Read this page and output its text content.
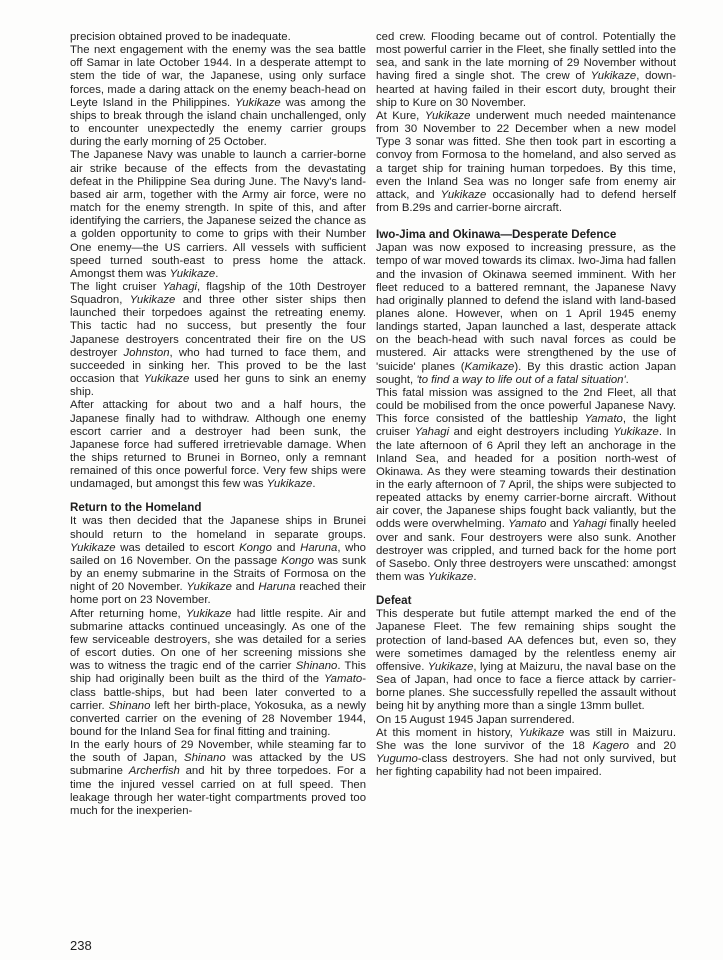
precision obtained proved to be inadequate.

The next engagement with the enemy was the sea battle off Samar in late October 1944. In a desperate attempt to stem the tide of war, the Japanese, using only surface forces, made a daring attack on the enemy beach-head on Leyte Island in the Philippines. Yukikaze was among the ships to break through the island chain unchallenged, only to encounter unexpectedly the enemy carrier groups during the early morning of 25 October.

The Japanese Navy was unable to launch a carrier-borne air strike because of the effects from the devastating defeat in the Philippine Sea during June. The Navy's land-based air arm, together with the Army air force, were no match for the enemy strength. In spite of this, and after identifying the carriers, the Japanese seized the chance as a golden opportunity to come to grips with their Number One enemy—the US carriers. All vessels with sufficient speed turned south-east to press home the attack. Amongst them was Yukikaze.

The light cruiser Yahagi, flagship of the 10th Destroyer Squadron, Yukikaze and three other sister ships then launched their torpedoes against the retreating enemy. This tactic had no success, but presently the four Japanese destroyers concentrated their fire on the US destroyer Johnston, who had turned to face them, and succeeded in sinking her. This proved to be the last occasion that Yukikaze used her guns to sink an enemy ship.

After attacking for about two and a half hours, the Japanese finally had to withdraw. Although one enemy escort carrier and a destroyer had been sunk, the Japanese force had suffered irretrievable damage. When the ships returned to Brunei in Borneo, only a remnant remained of this once powerful force. Very few ships were undamaged, but amongst this few was Yukikaze.

Return to the Homeland

It was then decided that the Japanese ships in Brunei should return to the homeland in separate groups. Yukikaze was detailed to escort Kongo and Haruna, who sailed on 16 November. On the passage Kongo was sunk by an enemy submarine in the Straits of Formosa on the night of 20 November. Yukikaze and Haruna reached their home port on 23 November.

After returning home, Yukikaze had little respite. Air and submarine attacks continued unceasingly. As one of the few serviceable destroyers, she was detailed for a series of escort duties. On one of her screening missions she was to witness the tragic end of the carrier Shinano. This ship had originally been built as the third of the Yamato-class battle-ships, but had been later converted to a carrier. Shinano left her birth-place, Yokosuka, as a newly converted carrier on the evening of 28 November 1944, bound for the Inland Sea for final fitting and training.

In the early hours of 29 November, while steaming far to the south of Japan, Shinano was attacked by the US submarine Archerfish and hit by three torpedoes. For a time the injured vessel carried on at full speed. Then leakage through her water-tight compartments proved too much for the inexperien-

ced crew. Flooding became out of control. Potentially the most powerful carrier in the Fleet, she finally settled into the sea, and sank in the late morning of 29 November without having fired a single shot. The crew of Yukikaze, down-hearted at having failed in their escort duty, brought their ship to Kure on 30 November.

At Kure, Yukikaze underwent much needed maintenance from 30 November to 22 December when a new model Type 3 sonar was fitted. She then took part in escorting a convoy from Formosa to the homeland, and also served as a target ship for training human torpedoes. By this time, even the Inland Sea was no longer safe from enemy air attack, and Yukikaze occasionally had to defend herself from B.29s and carrier-borne aircraft.

Iwo-Jima and Okinawa—Desperate Defence

Japan was now exposed to increasing pressure, as the tempo of war moved towards its climax. Iwo-Jima had fallen and the invasion of Okinawa seemed imminent. With her fleet reduced to a battered remnant, the Japanese Navy had originally planned to defend the island with land-based planes alone. However, when on 1 April 1945 enemy landings started, Japan launched a last, desperate attack on the beach-head with such naval forces as could be mustered. Air attacks were strengthened by the use of 'suicide' planes (Kamikaze). By this drastic action Japan sought, 'to find a way to life out of a fatal situation'.

This fatal mission was assigned to the 2nd Fleet, all that could be mobilised from the once powerful Japanese Navy. This force consisted of the battleship Yamato, the light cruiser Yahagi and eight destroyers including Yukikaze. In the late afternoon of 6 April they left an anchorage in the Inland Sea, and headed for a position north-west of Okinawa. As they were steaming towards their destination in the early afternoon of 7 April, the ships were subjected to repeated attacks by enemy carrier-borne aircraft. Without air cover, the Japanese ships fought back valiantly, but the odds were overwhelming. Yamato and Yahagi finally heeled over and sank. Four destroyers were also sunk. Another destroyer was crippled, and turned back for the home port of Sasebo. Only three destroyers were unscathed: amongst them was Yukikaze.

Defeat

This desperate but futile attempt marked the end of the Japanese Fleet. The few remaining ships sought the protection of land-based AA defences but, even so, they were sometimes damaged by the relentless enemy air offensive. Yukikaze, lying at Maizuru, the naval base on the Sea of Japan, had once to face a fierce attack by carrier-borne planes. She successfully repelled the assault without being hit by anything more than a single 13mm bullet.

On 15 August 1945 Japan surrendered.

At this moment in history, Yukikaze was still in Maizuru. She was the lone survivor of the 18 Kagero and 20 Yugumo-class destroyers. She had not only survived, but her fighting capability had not been impaired.

238
